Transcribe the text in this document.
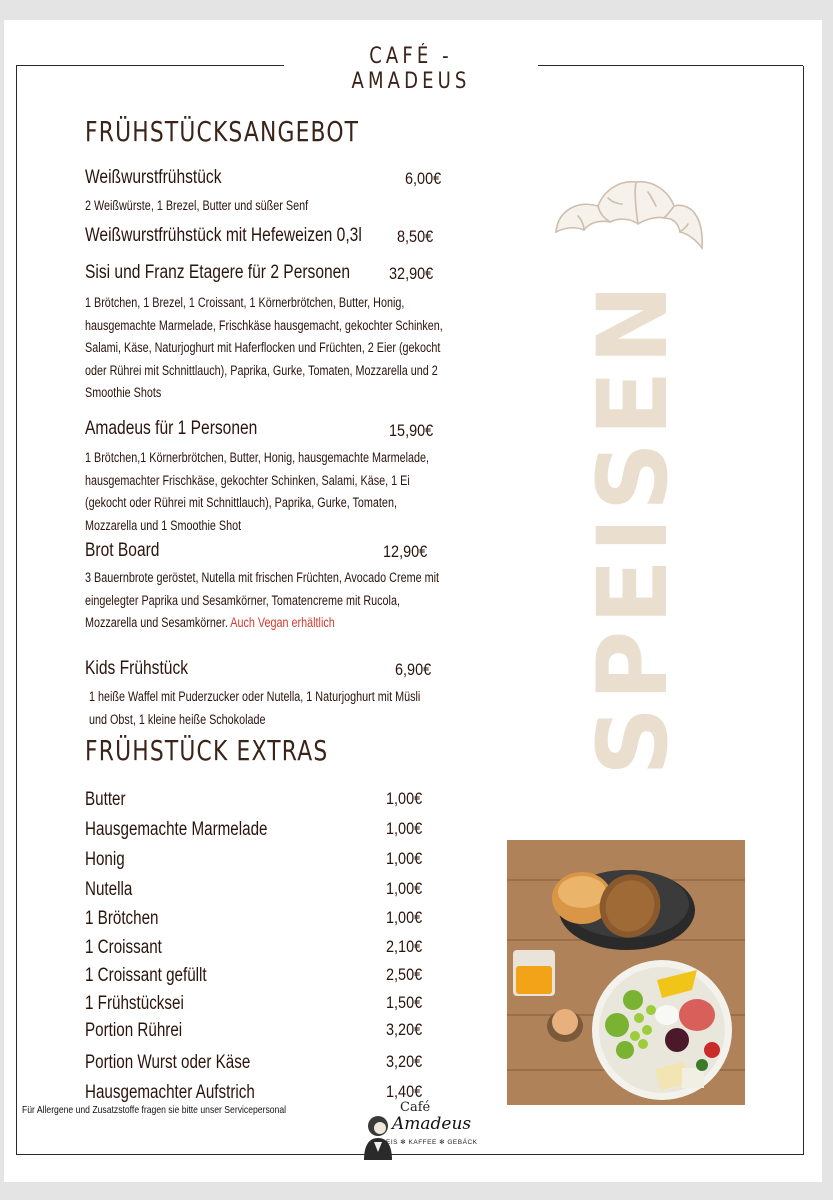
CAFÉ - AMADEUS
FRÜHSTÜCKSANGEBOT
Weißwurstfrühstück	6,00€
2 Weißwürste, 1 Brezel, Butter und süßer Senf
Weißwurstfrühstück mit Hefeweizen 0,3l 8,50€
Sisi und Franz Etagere für 2 Personen 32,90€
1 Brötchen, 1 Brezel, 1 Croissant, 1 Körnerbrötchen, Butter, Honig, hausgemachte Marmelade, Frischkäse hausgemacht, gekochter Schinken, Salami, Käse, Naturjoghurt mit Haferflocken und Früchten, 2 Eier (gekocht oder Rührei mit Schnittlauch), Paprika, Gurke, Tomaten, Mozzarella und 2 Smoothie Shots
Amadeus für 1 Personen	15,90€
1 Brötchen,1 Körnerbrötchen, Butter, Honig, hausgemachte Marmelade, hausgemachter Frischkäse, gekochter Schinken, Salami, Käse, 1 Ei (gekocht oder Rührei mit Schnittlauch), Paprika, Gurke, Tomaten, Mozzarella und 1 Smoothie Shot
Brot Board	12,90€
3 Bauernbrote geröstet, Nutella mit frischen Früchten, Avocado Creme mit eingelegter Paprika und Sesamkörner, Tomatencreme mit Rucola, Mozzarella und Sesamkörner. Auch Vegan erhältlich
Kids Frühstück	6,90€
1 heiße Waffel mit Puderzucker oder Nutella, 1 Naturjoghurt mit Müsli und Obst, 1 kleine heiße Schokolade
FRÜHSTÜCK EXTRAS
Butter	1,00€
Hausgemachte Marmelade	1,00€
Honig	1,00€
Nutella	1,00€
1 Brötchen	1,00€
1 Croissant	2,10€
1 Croissant gefüllt	2,50€
1 Frühstücksei	1,50€
Portion Rührei	3,20€
Portion Wurst oder Käse	3,20€
Hausgemachter Aufstrich	1,40€
SPEISEN
Für Allergene und Zusatzstoffe fragen sie bitte unser Servicepersonal	Café
Amadeus
EIS ✻ KAFFEE ✻ GEBÄCK
